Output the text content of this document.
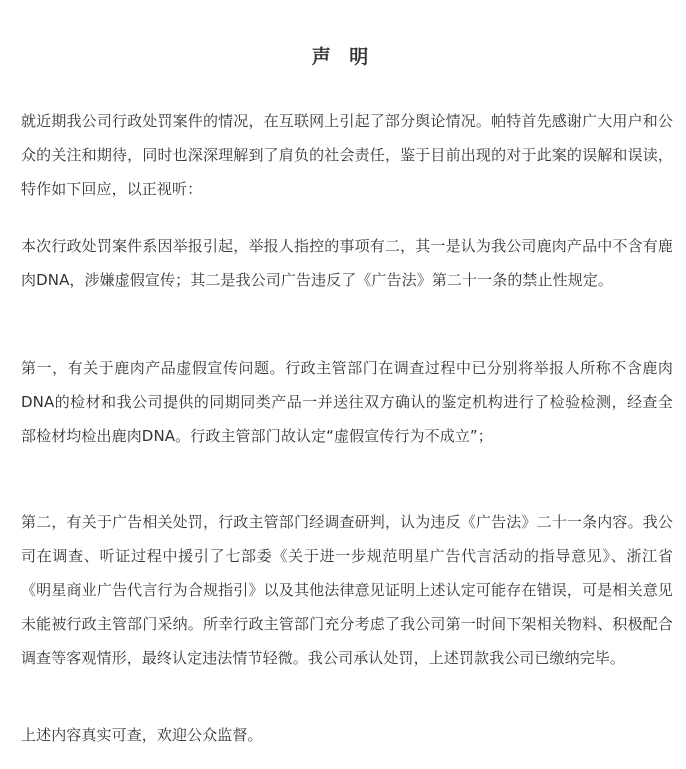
声 明

就近期我公司行政处罚案件的情况，在互联网上引起了部分舆论情况。帕特首先感谢广大用户和公众的关注和期待，同时也深深理解到了肩负的社会责任，鉴于目前出现的对于此案的误解和误读，特作如下回应，以正视听：

本次行政处罚案件系因举报引起，举报人指控的事项有二，其一是认为我公司鹿肉产品中不含有鹿肉DNA，涉嫌虚假宣传；其二是我公司广告违反了《广告法》第二十一条的禁止性规定。

第一，有关于鹿肉产品虚假宣传问题。行政主管部门在调查过程中已分别将举报人所称不含鹿肉DNA的检材和我公司提供的同期同类产品一并送往双方确认的鉴定机构进行了检验检测，经查全部检材均检出鹿肉DNA。行政主管部门故认定“虚假宣传行为不成立”；

第二，有关于广告相关处罚，行政主管部门经调查研判，认为违反《广告法》二十一条内容。我公司在调查、听证过程中援引了七部委《关于进一步规范明星广告代言活动的指导意见》、浙江省《明星商业广告代言行为合规指引》以及其他法律意见证明上述认定可能存在错误，可是相关意见未能被行政主管部门采纳。所幸行政主管部门充分考虑了我公司第一时间下架相关物料、积极配合调查等客观情形，最终认定违法情节轻微。我公司承认处罚，上述罚款我公司已缴纳完毕。

上述内容真实可查，欢迎公众监督。
